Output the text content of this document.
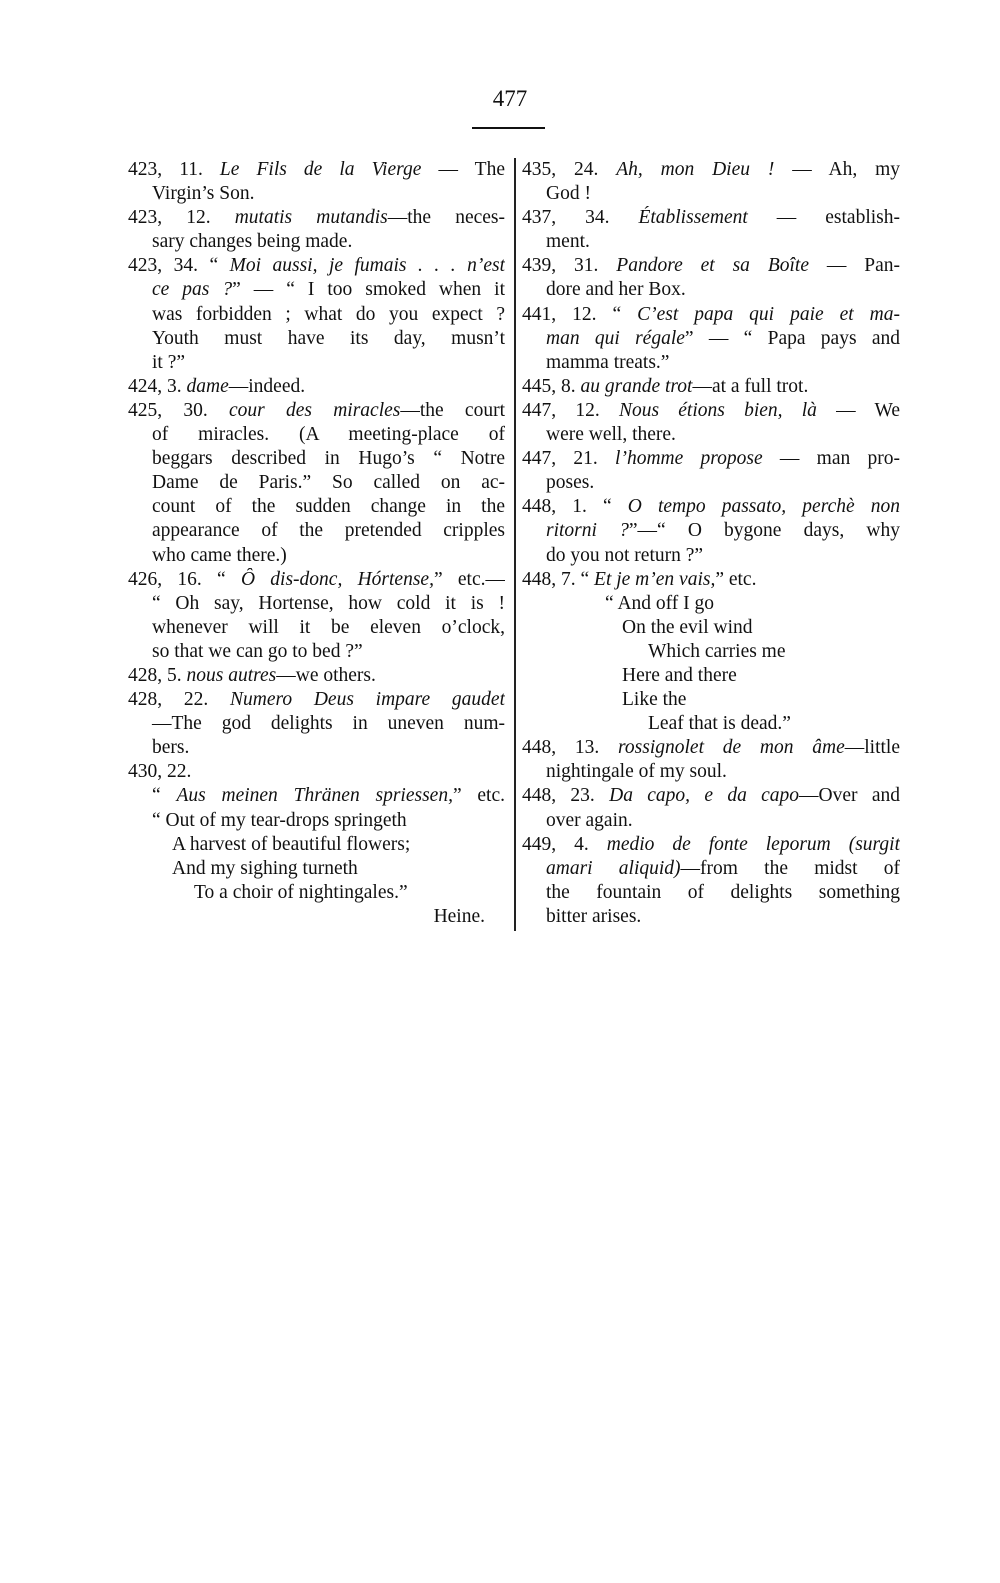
477
423, 11. Le Fils de la Vierge — The
Virgin’s Son.
423, 12. mutatis mutandis—the neces-
sary changes being made.
423, 34. “ Moi aussi, je fumais . . . n’est
ce pas ?” — “ I too smoked when it
was forbidden ; what do you expect ?
Youth must have its day, musn’t
it ?”
424, 3. dame—indeed.
425, 30. cour des miracles—the court
of miracles. (A meeting-place of
beggars described in Hugo’s “ Notre
Dame de Paris.” So called on ac-
count of the sudden change in the
appearance of the pretended cripples
who came there.)
426, 16. “ Ô dis-donc, Hórtense,” etc.—
“ Oh say, Hortense, how cold it is !
whenever will it be eleven o’clock,
so that we can go to bed ?”
428, 5. nous autres—we others.
428, 22. Numero Deus impare gaudet
—The god delights in uneven num-
bers.
430, 22.
“ Aus meinen Thränen spriessen,” etc.
“ Out of my tear-drops springeth
A harvest of beautiful flowers;
And my sighing turneth
To a choir of nightingales.”
Heine.
435, 24. Ah, mon Dieu ! — Ah, my
God !
437, 34. Établissement — establish-
ment.
439, 31. Pandore et sa Boîte — Pan-
dore and her Box.
441, 12. “ C’est papa qui paie et ma-
man qui régale” — “ Papa pays and
mamma treats.”
445, 8. au grande trot—at a full trot.
447, 12. Nous étions bien, là — We
were well, there.
447, 21. l’homme propose — man pro-
poses.
448, 1. “ O tempo passato, perchè non
ritorni ?”—“ O bygone days, why
do you not return ?”
448, 7. “ Et je m’en vais,” etc.
“ And off I go
On the evil wind
Which carries me
Here and there
Like the
Leaf that is dead.”
448, 13. rossignolet de mon âme—little
nightingale of my soul.
448, 23. Da capo, e da capo—Over and
over again.
449, 4. medio de fonte leporum (surgit
amari aliquid)—from the midst of
the fountain of delights something
bitter arises.
